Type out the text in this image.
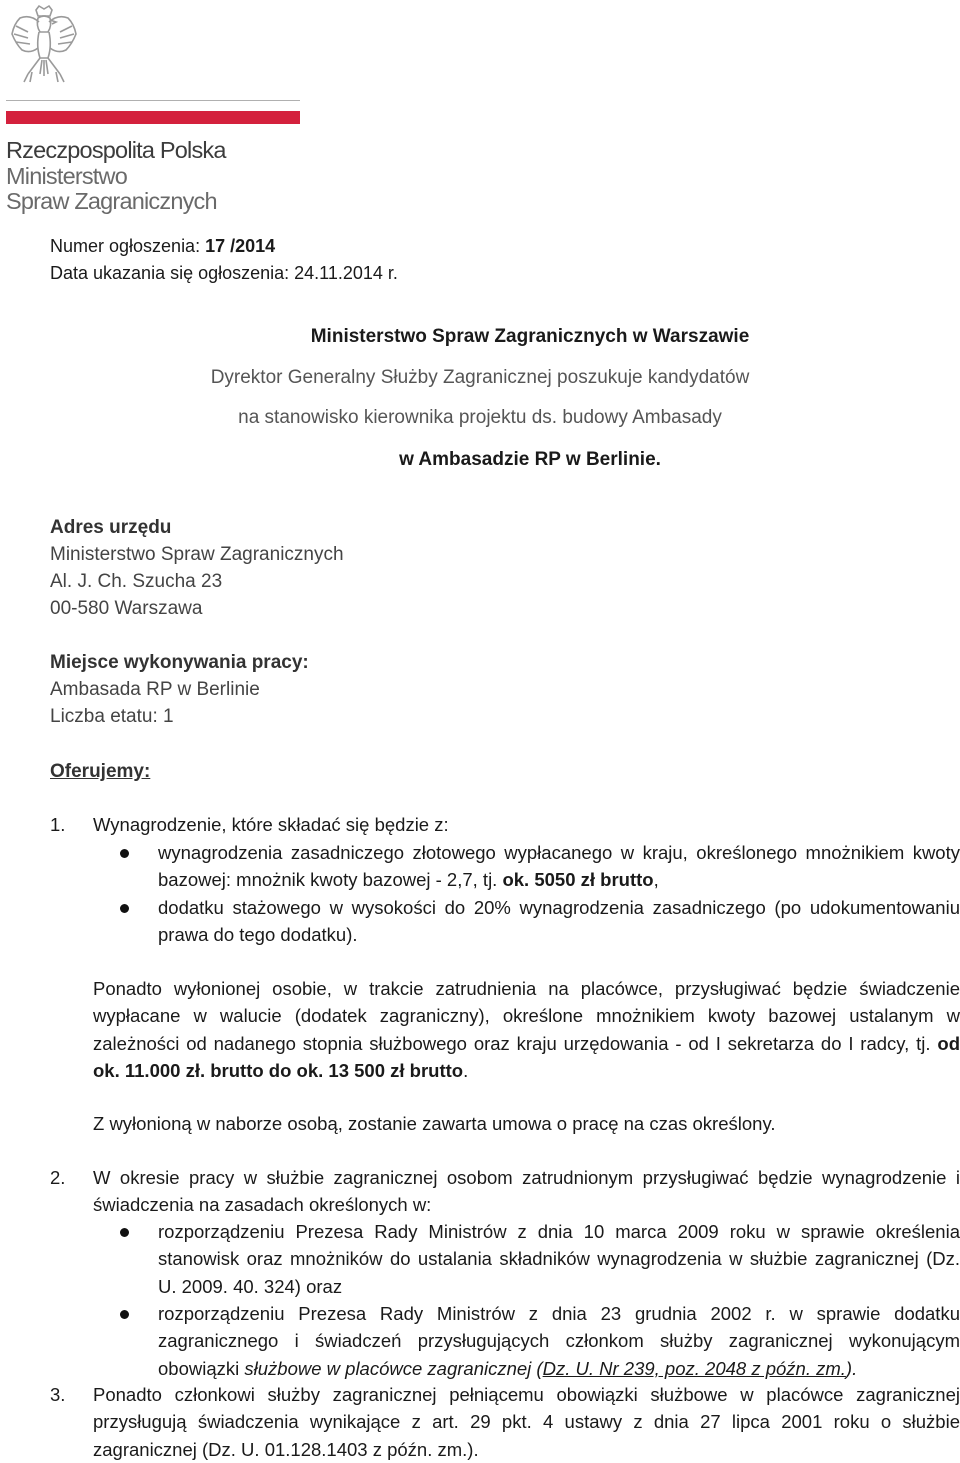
Rzeczpospolita Polska
Ministerstwo
Spraw Zagranicznych
Numer ogłoszenia: 17 /2014
Data ukazania się ogłoszenia: 24.11.2014 r.
Ministerstwo Spraw Zagranicznych w Warszawie
Dyrektor Generalny Służby Zagranicznej poszukuje kandydatów
na stanowisko kierownika projektu ds. budowy Ambasady
w Ambasadzie RP w Berlinie.
Adres urzędu
Ministerstwo Spraw Zagranicznych
Al. J. Ch. Szucha 23
00-580 Warszawa
Miejsce wykonywania pracy:
Ambasada RP w Berlinie
Liczba etatu: 1
Oferujemy:
1. Wynagrodzenie, które składać się będzie z:
wynagrodzenia zasadniczego złotowego wypłacanego w kraju, określonego mnożnikiem kwoty bazowej: mnożnik kwoty bazowej - 2,7, tj. ok. 5050 zł brutto,
dodatku stażowego w wysokości do 20% wynagrodzenia zasadniczego (po udokumentowaniu prawa do tego dodatku).
Ponadto wyłonionej osobie, w trakcie zatrudnienia na placówce, przysługiwać będzie świadczenie wypłacane w walucie (dodatek zagraniczny), określone mnożnikiem kwoty bazowej ustalanym w zależności od nadanego stopnia służbowego oraz kraju urzędowania - od I sekretarza do I radcy, tj. od ok. 11.000 zł. brutto do ok. 13 500 zł brutto.
Z wyłonioną w naborze osobą, zostanie zawarta umowa o pracę na czas określony.
2. W okresie pracy w służbie zagranicznej osobom zatrudnionym przysługiwać będzie wynagrodzenie i świadczenia na zasadach określonych w:
rozporządzeniu Prezesa Rady Ministrów z dnia 10 marca 2009 roku w sprawie określenia stanowisk oraz mnożników do ustalania składników wynagrodzenia w służbie zagranicznej (Dz. U. 2009. 40. 324) oraz
rozporządzeniu Prezesa Rady Ministrów z dnia 23 grudnia 2002 r. w sprawie dodatku zagranicznego i świadczeń przysługujących członkom służby zagranicznej wykonującym obowiązki służbowe w placówce zagranicznej (Dz. U. Nr 239, poz. 2048 z późn. zm.).
3. Ponadto członkowi służby zagranicznej pełniącemu obowiązki służbowe w placówce zagranicznej przysługują świadczenia wynikające z art. 29 pkt. 4 ustawy z dnia 27 lipca 2001 roku o służbie zagranicznej (Dz. U. 01.128.1403 z późn. zm.).
